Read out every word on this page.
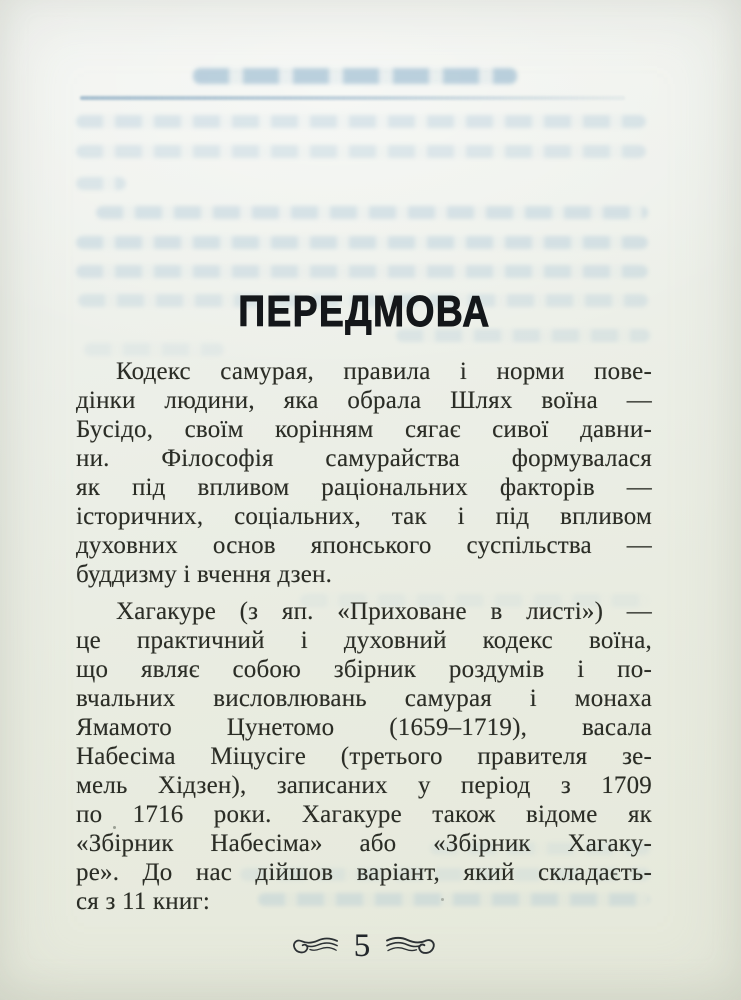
ПЕРЕДМОВА

Кодекс самурая, правила і норми пове-
дінки людини, яка обрала Шлях воїна —
Бусідо, своїм корінням сягає сивої давни-
ни. Філософія самурайства формувалася
як під впливом раціональних факторів —
історичних, соціальних, так і під впливом
духовних основ японського суспільства —
буддизму і вчення дзен.

Хагакуре (з яп. «Приховане в листі») —
це практичний і духовний кодекс воїна,
що являє собою збірник роздумів і по-
вчальних висловлювань самурая і монаха
Ямамото Цунетомо (1659–1719), васала
Набесіма Міцусіге (третього правителя зе-
мель Хідзен), записаних у період з 1709
по 1716 роки. Хагакуре також відоме як
«Збірник Набесіма» або «Збірник Хагаку-
ре». До нас дійшов варіант, який складаєть-
ся з 11 книг:

5
